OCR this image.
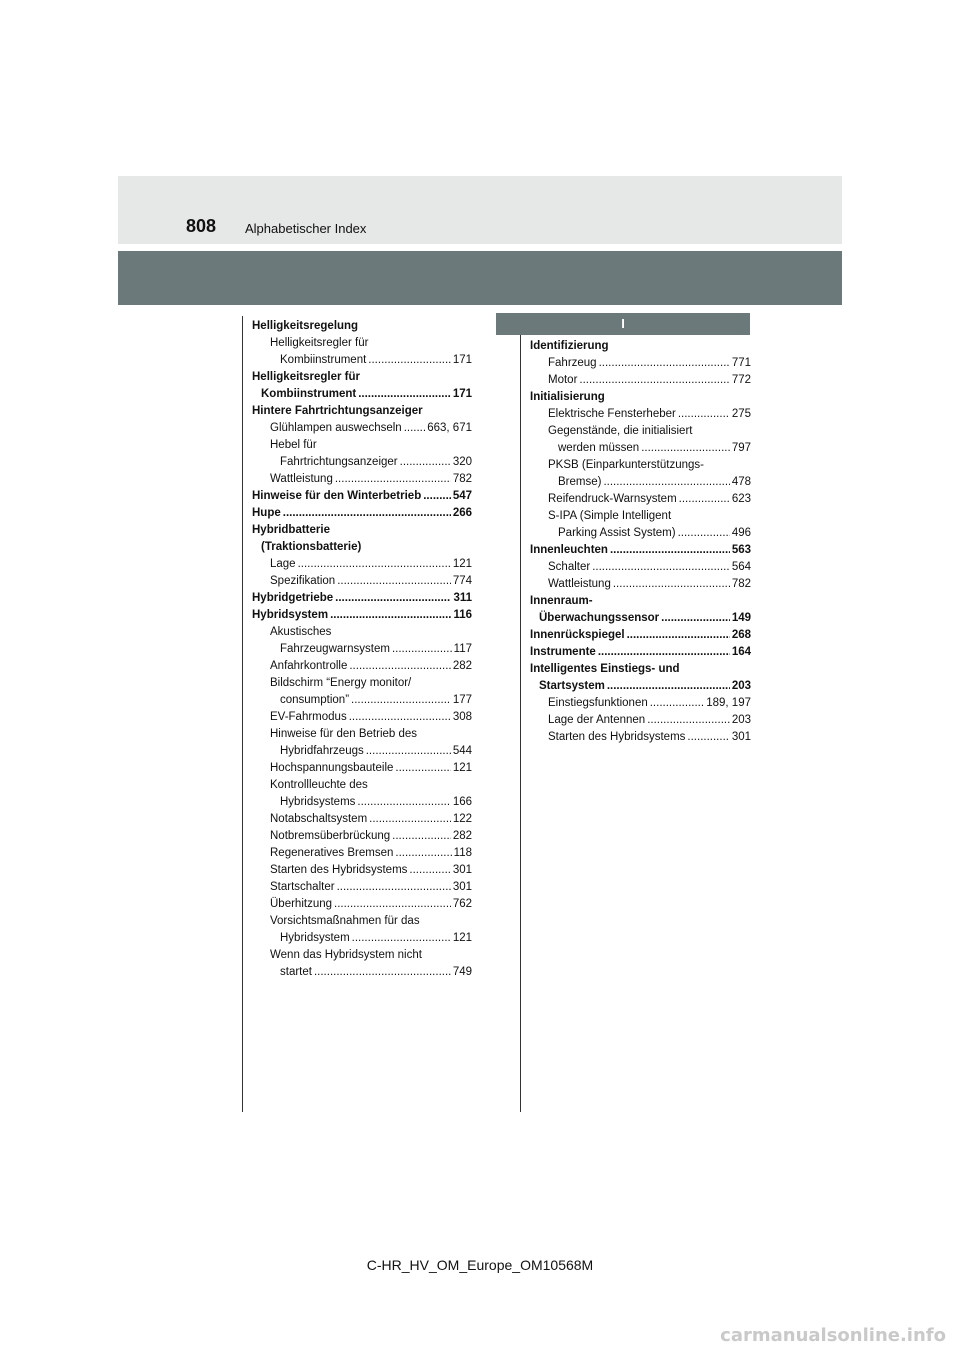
808 Alphabetischer Index
I
Helligkeitsregelung
Helligkeitsregler für
Kombiinstrument .....	171
Helligkeitsregler für
Kombiinstrument .....	171
Hintere Fahrtrichtungsanzeiger
Glühlampen auswechseln ..... 663, 671
Hebel für
Fahrtrichtungsanzeiger .....	320
Wattleistung .....	782
Hinweise für den Winterbetrieb .....	547
Hupe .....	266
Hybridbatterie
(Traktionsbatterie)
Lage .....	121
Spezifikation .....	774
Hybridgetriebe .....	311
Hybridsystem .....	116
Akustisches
Fahrzeugwarnsystem .....	117
Anfahrkontrolle .....	282
Bildschirm “Energy monitor/
consumption” .....	177
EV-Fahrmodus .....	308
Hinweise für den Betrieb des
Hybridfahrzeugs .....	544
Hochspannungsbauteile .....	121
Kontrollleuchte des
Hybridsystems .....	166
Notabschaltsystem .....	122
Notbremsüberbrückung .....	282
Regeneratives Bremsen .....	118
Starten des Hybridsystems .....	301
Startschalter .....	301
Überhitzung .....	762
Vorsichtsmaßnahmen für das
Hybridsystem .....	121
Wenn das Hybridsystem nicht
startet .....	749
Identifizierung
Fahrzeug .....	771
Motor .....	772
Initialisierung
Elektrische Fensterheber .....	275
Gegenstände, die initialisiert
werden müssen .....	797
PKSB (Einparkunterstützungs-
Bremse) .....	478
Reifendruck-Warnsystem .....	623
S-IPA (Simple Intelligent
Parking Assist System) .....	496
Innenleuchten .....	563
Schalter .....	564
Wattleistung .....	782
Innenraum-
Überwachungssensor .....	149
Innenrückspiegel .....	268
Instrumente .....	164
Intelligentes Einstiegs- und
Startsystem .....	203
Einstiegsfunktionen .....	189, 197
Lage der Antennen .....	203
Starten des Hybridsystems .....	301
C-HR_HV_OM_Europe_OM10568M
carmanualsonline.info
